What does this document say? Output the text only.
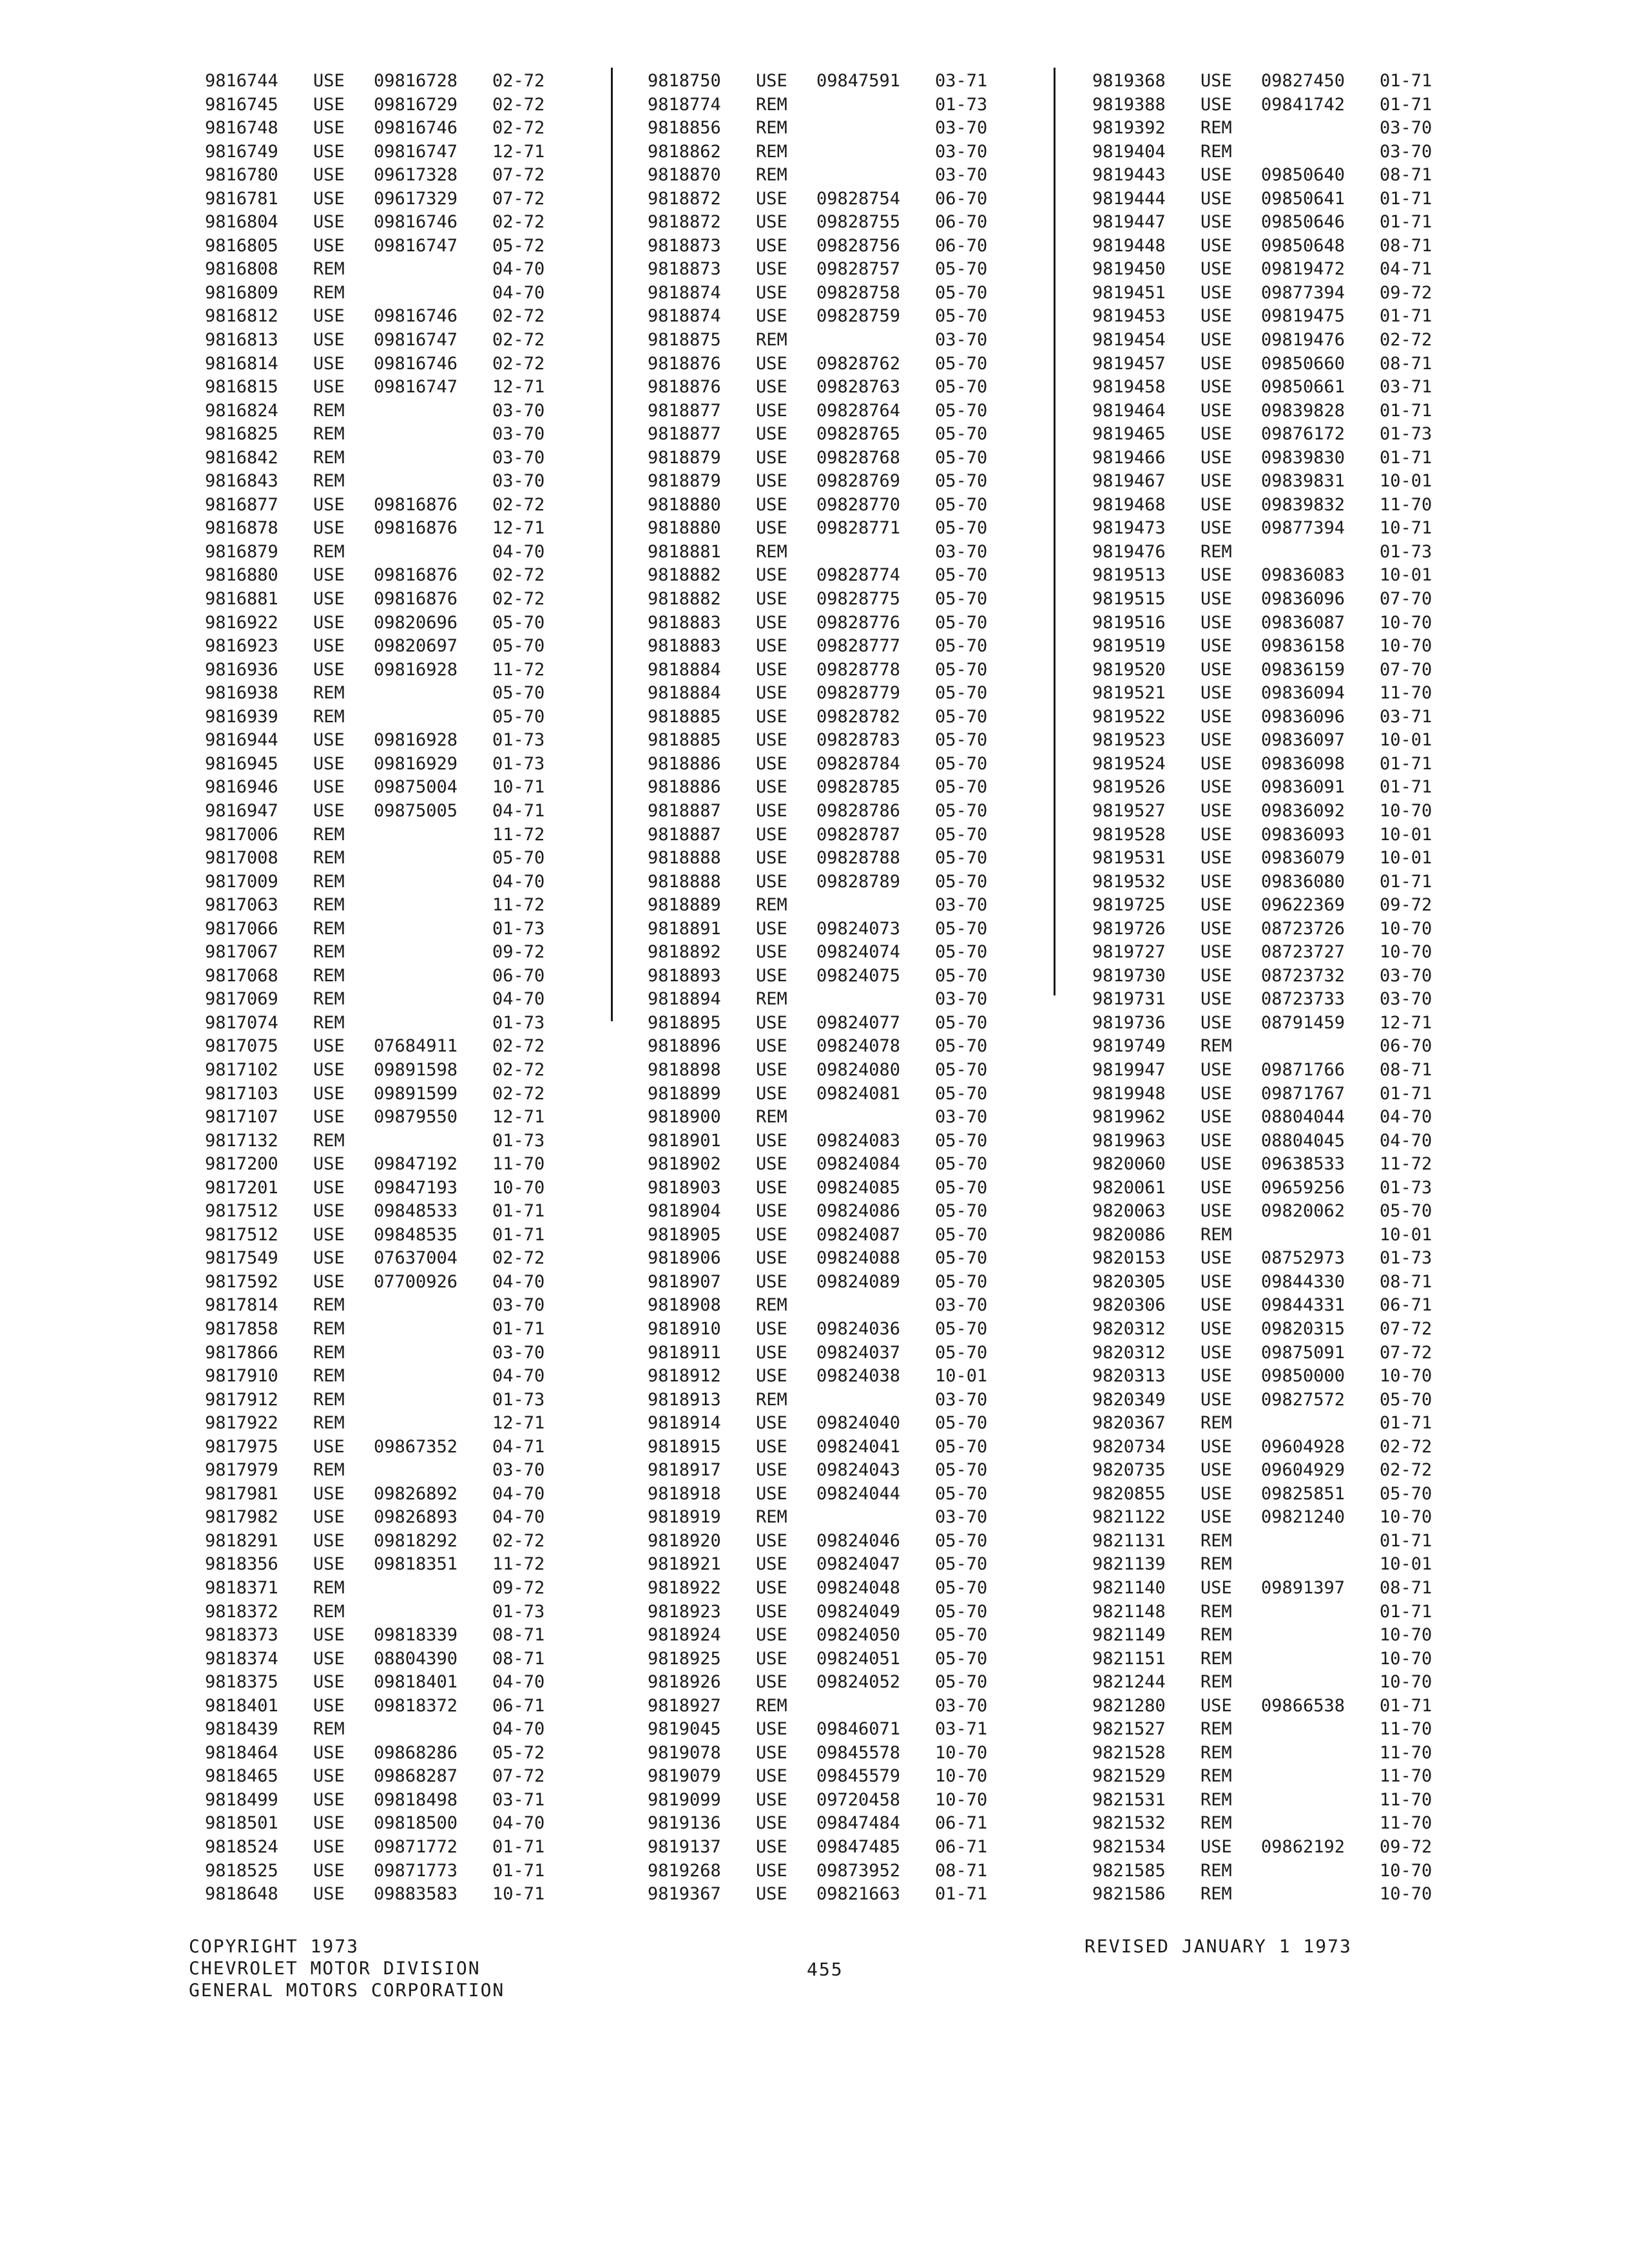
9816744 USE 09816728 02-72
9816745 USE 09816729 02-72
9816748 USE 09816746 02-72
9816749 USE 09816747 12-71
9816780 USE 09617328 07-72
9816781 USE 09617329 07-72
9816804 USE 09816746 02-72
9816805 USE 09816747 05-72
9816808 REM	04-70
9816809 REM	04-70
9816812 USE 09816746 02-72
9816813 USE 09816747 02-72
9816814 USE 09816746 02-72
9816815 USE 09816747 12-71
9816824 REM	03-70
9816825 REM	03-70
9816842 REM	03-70
9816843 REM	03-70
9816877 USE 09816876 02-72
9816878 USE 09816876 12-71
9816879 REM	04-70
9816880 USE 09816876 02-72
9816881 USE 09816876 02-72
9816922 USE 09820696 05-70
9816923 USE 09820697 05-70
9816936 USE 09816928 11-72
9816938 REM	05-70
9816939 REM	05-70
9816944 USE 09816928 01-73
9816945 USE 09816929 01-73
9816946 USE 09875004 10-71
9816947 USE 09875005 04-71
9817006 REM	11-72
9817008 REM	05-70
9817009 REM	04-70
9817063 REM	11-72
9817066 REM	01-73
9817067 REM	09-72
9817068 REM	06-70
9817069 REM	04-70
9817074 REM	01-73
9817075 USE 07684911 02-72
9817102 USE 09891598 02-72
9817103 USE 09891599 02-72
9817107 USE 09879550 12-71
9817132 REM	01-73
9817200 USE 09847192 11-70
9817201 USE 09847193 10-70
9817512 USE 09848533 01-71
9817512 USE 09848535 01-71
9817549 USE 07637004 02-72
9817592 USE 07700926 04-70
9817814 REM	03-70
9817858 REM	01-71
9817866 REM	03-70
9817910 REM	04-70
9817912 REM	01-73
9817922 REM	12-71
9817975 USE 09867352 04-71
9817979 REM	03-70
9817981 USE 09826892 04-70
9817982 USE 09826893 04-70
9818291 USE 09818292 02-72
9818356 USE 09818351 11-72
9818371 REM	09-72
9818372 REM	01-73
9818373 USE 09818339 08-71
9818374 USE 08804390 08-71
9818375 USE 09818401 04-70
9818401 USE 09818372 06-71
9818439 REM	04-70
9818464 USE 09868286 05-72
9818465 USE 09868287 07-72
9818499 USE 09818498 03-71
9818501 USE 09818500 04-70
9818524 USE 09871772 01-71
9818525 USE 09871773 01-71
9818648 USE 09883583 10-71
9818750 USE 09847591 03-71
9818774 REM	01-73
9818856 REM	03-70
9818862 REM	03-70
9818870 REM	03-70
9818872 USE 09828754 06-70
9818872 USE 09828755 06-70
9818873 USE 09828756 06-70
9818873 USE 09828757 05-70
9818874 USE 09828758 05-70
9818874 USE 09828759 05-70
9818875 REM	03-70
9818876 USE 09828762 05-70
9818876 USE 09828763 05-70
9818877 USE 09828764 05-70
9818877 USE 09828765 05-70
9818879 USE 09828768 05-70
9818879 USE 09828769 05-70
9818880 USE 09828770 05-70
9818880 USE 09828771 05-70
9818881 REM	03-70
9818882 USE 09828774 05-70
9818882 USE 09828775 05-70
9818883 USE 09828776 05-70
9818883 USE 09828777 05-70
9818884 USE 09828778 05-70
9818884 USE 09828779 05-70
9818885 USE 09828782 05-70
9818885 USE 09828783 05-70
9818886 USE 09828784 05-70
9818886 USE 09828785 05-70
9818887 USE 09828786 05-70
9818887 USE 09828787 05-70
9818888 USE 09828788 05-70
9818888 USE 09828789 05-70
9818889 REM	03-70
9818891 USE 09824073 05-70
9818892 USE 09824074 05-70
9818893 USE 09824075 05-70
9818894 REM	03-70
9818895 USE 09824077 05-70
9818896 USE 09824078 05-70
9818898 USE 09824080 05-70
9818899 USE 09824081 05-70
9818900 REM	03-70
9818901 USE 09824083 05-70
9818902 USE 09824084 05-70
9818903 USE 09824085 05-70
9818904 USE 09824086 05-70
9818905 USE 09824087 05-70
9818906 USE 09824088 05-70
9818907 USE 09824089 05-70
9818908 REM	03-70
9818910 USE 09824036 05-70
9818911 USE 09824037 05-70
9818912 USE 09824038 10-01
9818913 REM	03-70
9818914 USE 09824040 05-70
9818915 USE 09824041 05-70
9818917 USE 09824043 05-70
9818918 USE 09824044 05-70
9818919 REM	03-70
9818920 USE 09824046 05-70
9818921 USE 09824047 05-70
9818922 USE 09824048 05-70
9818923 USE 09824049 05-70
9818924 USE 09824050 05-70
9818925 USE 09824051 05-70
9818926 USE 09824052 05-70
9818927 REM	03-70
9819045 USE 09846071 03-71
9819078 USE 09845578 10-70
9819079 USE 09845579 10-70
9819099 USE 09720458 10-70
9819136 USE 09847484 06-71
9819137 USE 09847485 06-71
9819268 USE 09873952 08-71
9819367 USE 09821663 01-71
9819368 USE 09827450 01-71
9819388 USE 09841742 01-71
9819392 REM	03-70
9819404 REM	03-70
9819443 USE 09850640 08-71
9819444 USE 09850641 01-71
9819447 USE 09850646 01-71
9819448 USE 09850648 08-71
9819450 USE 09819472 04-71
9819451 USE 09877394 09-72
9819453 USE 09819475 01-71
9819454 USE 09819476 02-72
9819457 USE 09850660 08-71
9819458 USE 09850661 03-71
9819464 USE 09839828 01-71
9819465 USE 09876172 01-73
9819466 USE 09839830 01-71
9819467 USE 09839831 10-01
9819468 USE 09839832 11-70
9819473 USE 09877394 10-71
9819476 REM	01-73
9819513 USE 09836083 10-01
9819515 USE 09836096 07-70
9819516 USE 09836087 10-70
9819519 USE 09836158 10-70
9819520 USE 09836159 07-70
9819521 USE 09836094 11-70
9819522 USE 09836096 03-71
9819523 USE 09836097 10-01
9819524 USE 09836098 01-71
9819526 USE 09836091 01-71
9819527 USE 09836092 10-70
9819528 USE 09836093 10-01
9819531 USE 09836079 10-01
9819532 USE 09836080 01-71
9819725 USE 09622369 09-72
9819726 USE 08723726 10-70
9819727 USE 08723727 10-70
9819730 USE 08723732 03-70
9819731 USE 08723733 03-70
9819736 USE 08791459 12-71
9819749 REM	06-70
9819947 USE 09871766 08-71
9819948 USE 09871767 01-71
9819962 USE 08804044 04-70
9819963 USE 08804045 04-70
9820060 USE 09638533 11-72
9820061 USE 09659256 01-73
9820063 USE 09820062 05-70
9820086 REM	10-01
9820153 USE 08752973 01-73
9820305 USE 09844330 08-71
9820306 USE 09844331 06-71
9820312 USE 09820315 07-72
9820312 USE 09875091 07-72
9820313 USE 09850000 10-70
9820349 USE 09827572 05-70
9820367 REM	01-71
9820734 USE 09604928 02-72
9820735 USE 09604929 02-72
9820855 USE 09825851 05-70
9821122 USE 09821240 10-70
9821131 REM	01-71
9821139 REM	10-01
9821140 USE 09891397 08-71
9821148 REM	01-71
9821149 REM	10-70
9821151 REM	10-70
9821244 REM	10-70
9821280 USE 09866538 01-71
9821527 REM	11-70
9821528 REM	11-70
9821529 REM	11-70
9821531 REM	11-70
9821532 REM	11-70
9821534 USE 09862192 09-72
9821585 REM	10-70
9821586 REM	10-70
COPYRIGHT 1973
CHEVROLET MOTOR DIVISION
GENERAL MOTORS CORPORATION
455
REVISED JANUARY 1 1973
